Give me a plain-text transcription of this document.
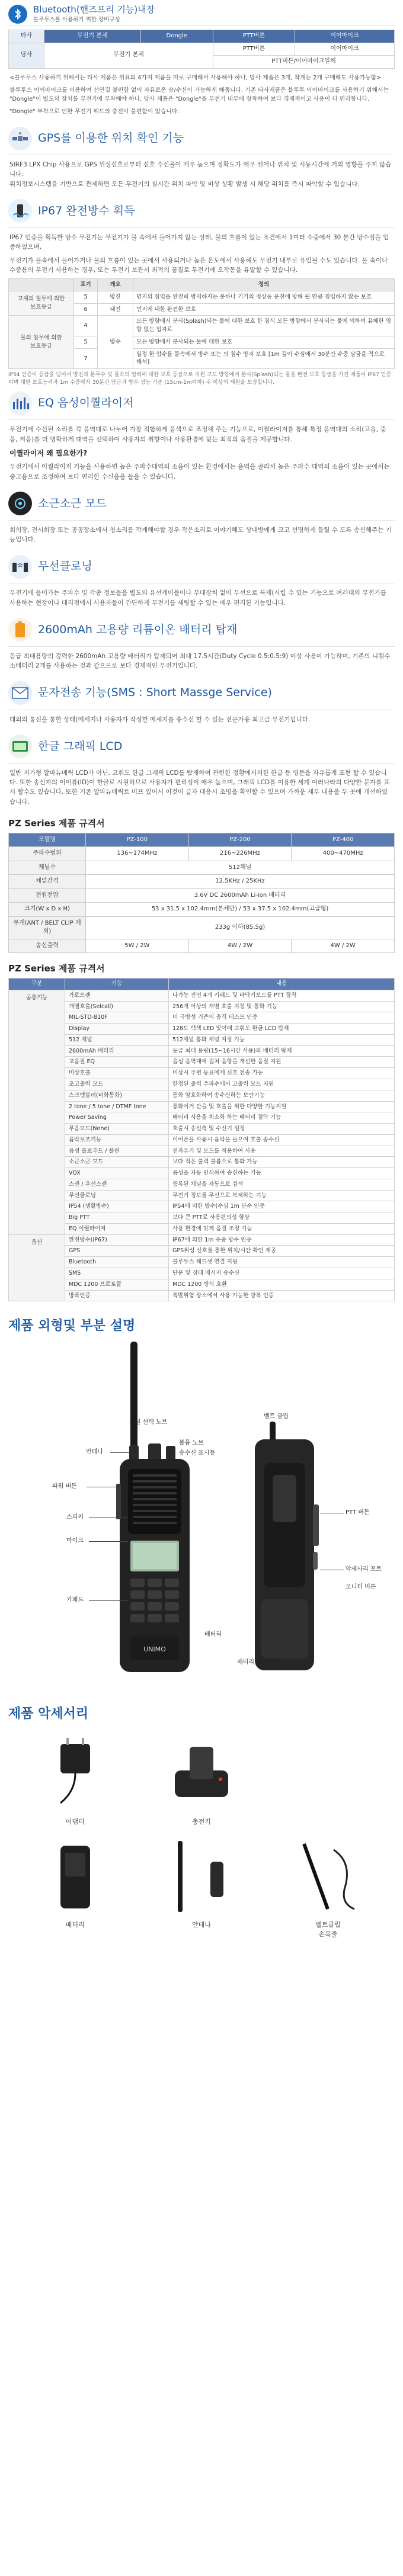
Bluetooth(핸즈프리 기능)내장
블루투스를 사용하기 위한 장비구성
타사	무전기 본체	Dongle	PTT버튼	이어마이크
당사	무전기 본체		PTT버튼	이어마이크
			PTT버튼/이어마이크일체	

<블루투스 사용하기 위해서는 타사 제품은 위표의 4가지 제품을 따로 구매해서 사용해야 하나, 당사 제품은 3개, 착게는 2개 구매해도 사용가능함>

블루투스 이어마이크를 이용하여 선연결 불편함 없이 자유로운 송/수신이 가능하게 해줍니다. 기존 타사제품은 블루투 이어마이크를 사용하기 위해서는 "Dongle"이 별도의 장치를 무전기에 부착해야 하나, 당사 제품은 "Dongle"을 무전기 내부에 장착하여 보다 경제적이고 사용이 더 편리합니다.

"Dongle" 부착으로 인한 무전기 해드의 충전이 불편함이 없습니다.

GPS를 이용한 위치 확인 기능
SIRF3 LPX Chip 사용으로 GPS 위성신호로부터 신호 수신율이 매우 높으며 정확도가 매우 뛰어나 위치 및 시동시간에 거의 영향을 주지 않습니다.
위치정보시스템을 기반으로 관제하면 모든 무전기의 실시간 위치 파악 및 비상 상황 발생 시 해당 위치를 즉시 파악할 수 있습니다.
IP67 완전방수 획득

IP67 인증을 획득한 방수 무전기는 무전기가 물 속에서 들어가지 않는 상태, 물의 흐름이 없는 조건에서 1미터 수중에서 30 분간 방수성을 입증하였으며,

무전기가 물속에서 들어가거나 물의 흐름이 있는 곳에서 사용되거나 높은 온도에서 사용해도 무전기 내부로 유입될 수도 있습니다. 물 속이나 수중용의 무전기 사용하는 경우, 또는 무전기 보관시 최적의 품질로 무전기에 오작동을 유발할 수 있습니다.

	표기	개요	정의
고체의 침투에 의한
보호등급	5	방진	먼지의 침입을 완전히 방지하지는 못하나 기기의 정상동 운전에 방해 될 만큼 침입하지 않는 보호
	6	내진	먼지에 대한 완전한 보호
물의 침투에 의한
보호등급	4	방수	모든 방향에서 분사(Splash)되는 물에 대한 보호 한 침식 모든 방향에서 분사되는 물에 의하여 유해한 영향 없는 입자로
	5		모든 방향에서 분사되는 물에 대한 보호
	7		일정 한 압수를 물속에서 방수 또는 의 침수 방지 보호 [1m 깊이 수심에서 30분간 수중 담금을 적으로 해석]
IP54 인증이 등급을 넘어서 방진과 분무수 및 물속의 압력에 대한 보호 등급으로 지원 고도 방향에서 분사(Splash)되는 물을 완전 보호 등급을 가진 제품이 IP67 인증이며 대한 보호능력과 1m 수중에서 30분간 담금과 방수 성능 기준 (15cm-1m이하) 주 이상의 제원을 보장합니다.
EQ 음성이퀄라이저

무전기에 수신된 소리를 각 음역대로 나누어 가장 적합하게 음색으로 조정해 주는 기능으로, 이퀄라이저를 통해 특정 음역대의 소리(고음, 중음, 저음)를 더 명확하게 대역을 선택하여 사용자의 취향이나 사용환경에 맞는 최적의 음질을 제공합니다.

이퀄라이저 왜 필요한가?

무전기에서 이퀄라이저 기능을 사용하면 높은 주파수대역의 소음이 있는 환경에서는 음역을 골라서 높은 주파수 대역의 소음이 있는 곳에서는 중고음으로 조정하여 보다 편리한 수신음을 들을 수 있습니다.

소근소근 모드
회의장, 전시회장 또는 공공장소에서 청소리를 작게해야할 경우 작은소리로 이야기해도 상대방에게 크고 선명하게 들릴 수 도록 송신해주는 기능입니다.
무선클로닝
무전기에 들어가는 주파수 및 각종 정보들을 별도의 유선케이블이나 부대장치 없이 무선으로 복제(시킬 수 있는 기능으로 여러대의 무전기를 사용하는 현장이나 대리점에서 사용자들이 간단하게 무전기를 세팅할 수 있는 매우 편리한 기능입니다.
2600mAh 고용량 리튬이온 배터리 탑재
동급 최대용량의 강력한 2600mAh 고용량 배터리가 탑재되어 최대 17.5시간(Duty Cycle 0.5:0.5:9) 이상 사용이 가능하며, 기존의 니켈수소배터리 2개를 사용하는 것과 같으므로 보다 경제적인 무전기입니다.
문자전송 기능(SMS : Short Massge Service)
대외의 통신을 통한 상태(메세지나 사용자가 작성한 메세지를 송수신 할 수 있는 전문가용 최고급 무전기입니다.
한글 그래픽 LCD
일반 저가형 알파뉴메릭 LCD가 아닌, 고휘도 한글 그래픽 LCD를 탑재하여 관련한 정황에서의한 한글 등 영문을 자유롭게 표현 할 수 있습니다. 또한 송신자의 이이름(ID)이 한글로 시원하므로 사용자가 편리성이 매우 높으며, 그래픽 LCD를 이용한 세계 여러나라의 다양한 문자를 표시 할수도 있습니다. 또한 기존 알파뉴메릭트 비프 있어서 이것이 글자 대응시 조명을 확인할 수 있으며 가까운 세부 내용을 두 곳에 개선하였습니다.
PZ Series 제품 규격서
모델명	PZ-100	PZ-200	PZ-400
주파수범위	136~174MHz	216~226MHz	400~470MHz
채널수	512채널		
채널간격	12.5KHz / 25KHz		
전원전압	3.6V DC 2600mAh Li-ion 배터리		
크기(W x D x H)	53 x 31.5 x 102.4mm(본체만) / 53 x 37.5 x 102.4mm(고급형)		
무게(ANT / BELT CLIP 제외)	233g 이하(85.5g)		
송신출력	5W / 2W	4W / 2W	4W / 2W
PZ Series 제품 규격서
구분	기능	내용
공통기능	가로트랜	다가능 전면 4개 키패드 및 바닥키보드를 PTT 장착
	개별호출(Selcall)	256개 이상의 개별 호출 지정 및 통화 기능
	MIL-STD-810F	미 국방성 기준의 충격 테스트 인증
	Display	128도 백색 LED 빛이에 고휘도 한글 LCD 탑재
	512 채널	512채널 통화 채널 지정 기능
	2600mAh 배터리	동급 최대 용량(15~16시간 사용)의 배터리 탑재
	고음질 EQ	음성 음역대에 걸쳐 음향을 개선한 음질 지원
	비상호출	비상시 주변 동료에게 신호 전송 가능
	초고출력 모드	한정된 출력 주파수에서 고출력 모드 지원
	스크램블러(비화통화)	통화 암호화하여 송수신하는 보안기능
	2 tone / 5 tone / DTMF tone	통화이거 간을 및 호출을 위한 다양한 기능지원
	Power Saving	배터리 사용을 최소화 하는 배터리 절약 기능
	무음모드(None)	호출시 송신측 및 수신기 설정
	음악보조기능	이어폰을 사용시 음악을 들으며 호출 송수신
	음성 플로우드 / 블린	전자유기 및 모드를 적용하여 사용
	소근소근 모드	보다 적은 출력 볼륨으로 통화 가능
	VOX	음성을 자동 인식하여 송신하는 기능
	스캔 / 우선스캔	등록된 채널을 자동으로 검색
	무선클로닝	무전기 정보를 무선으로 복제하는 기능
	IP54 (생활방수)	IP54에 의한 방수(수심 1m 단수 인증
	Big PTT	보다 큰 PTT로 사용편의성 향상
	EQ 이퀄라이저	사용 환경에 맞게 음질 조정 기능
옵션	완전방수(IP67)	IP67에 의한 1m 수중 방수 인증
	GPS	GPS위성 신호를 통한 위치/시간 확인 제공
	Bluetooth	블루투스 헤드셋 연결 지원
	SMS	단문 및 상태 메시지 송수신
	MDC 1200 프로토콜	MDC 1200 방식 호환
	방폭인증	폭발위험 장소에서 사용 가능한 방폭 인증
제품 외형및 부분 설명
UNIMO
안테나
채널 선택 노브
볼륨 노브
송수신 표시등
파워 버튼
스피커
마이크
키패드
LCD 창
PTT 버튼
악세사리 포트
모니터 버튼
배터리
배터리 잠금 장치
벨트 클립
제품 악세서리
어댑터	충전기
배터리	안테나	벨트클립
손목줄
